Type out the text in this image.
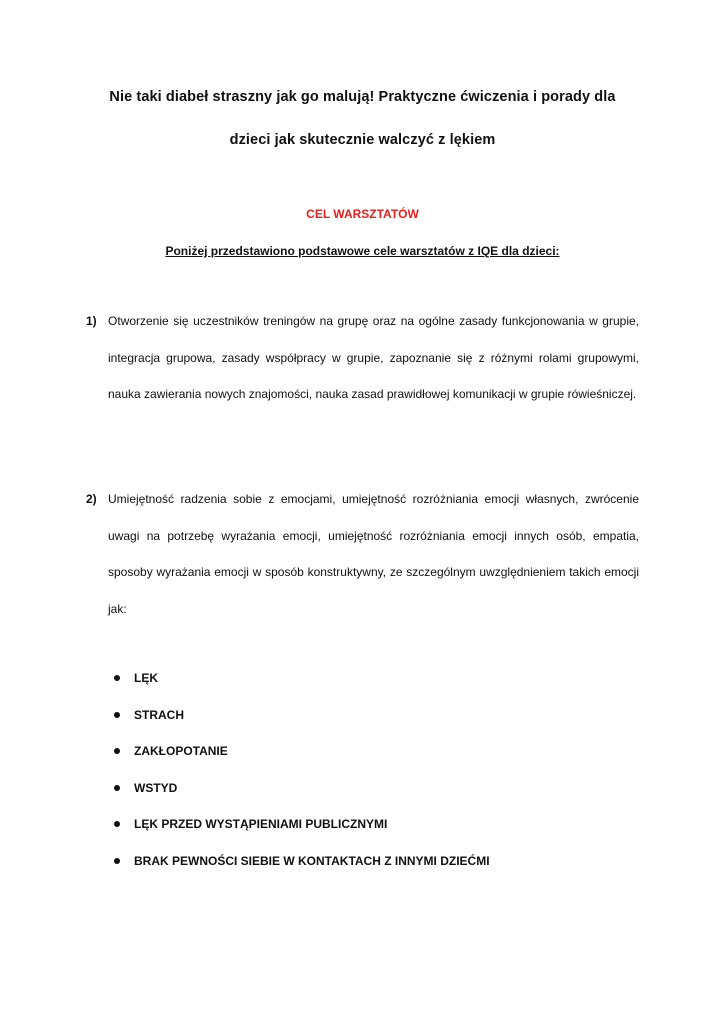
Nie taki diabeł straszny jak go malują! Praktyczne ćwiczenia i porady dla
dzieci jak skutecznie walczyć z lękiem
CEL WARSZTATÓW
Poniżej przedstawiono podstawowe cele warsztatów z IQE dla dzieci:
1) Otworzenie się uczestników treningów na grupę oraz na ogólne zasady funkcjonowania w grupie, integracja grupowa, zasady współpracy w grupie, zapoznanie się z różnymi rolami grupowymi, nauka zawierania nowych znajomości, nauka zasad prawidłowej komunikacji w grupie rówieśniczej.
2) Umiejętność radzenia sobie z emocjami, umiejętność rozróżniania emocji własnych, zwrócenie uwagi na potrzebę wyrażania emocji, umiejętność rozróżniania emocji innych osób, empatia, sposoby wyrażania emocji w sposób konstruktywny, ze szczególnym uwzględnieniem takich emocji jak:
LĘK
STRACH
ZAKŁOPOTANIE
WSTYD
LĘK PRZED WYSTĄPIENIAMI PUBLICZNYMI
BRAK PEWNOŚCI SIEBIE W KONTAKTACH Z INNYMI DZIEĆMI
